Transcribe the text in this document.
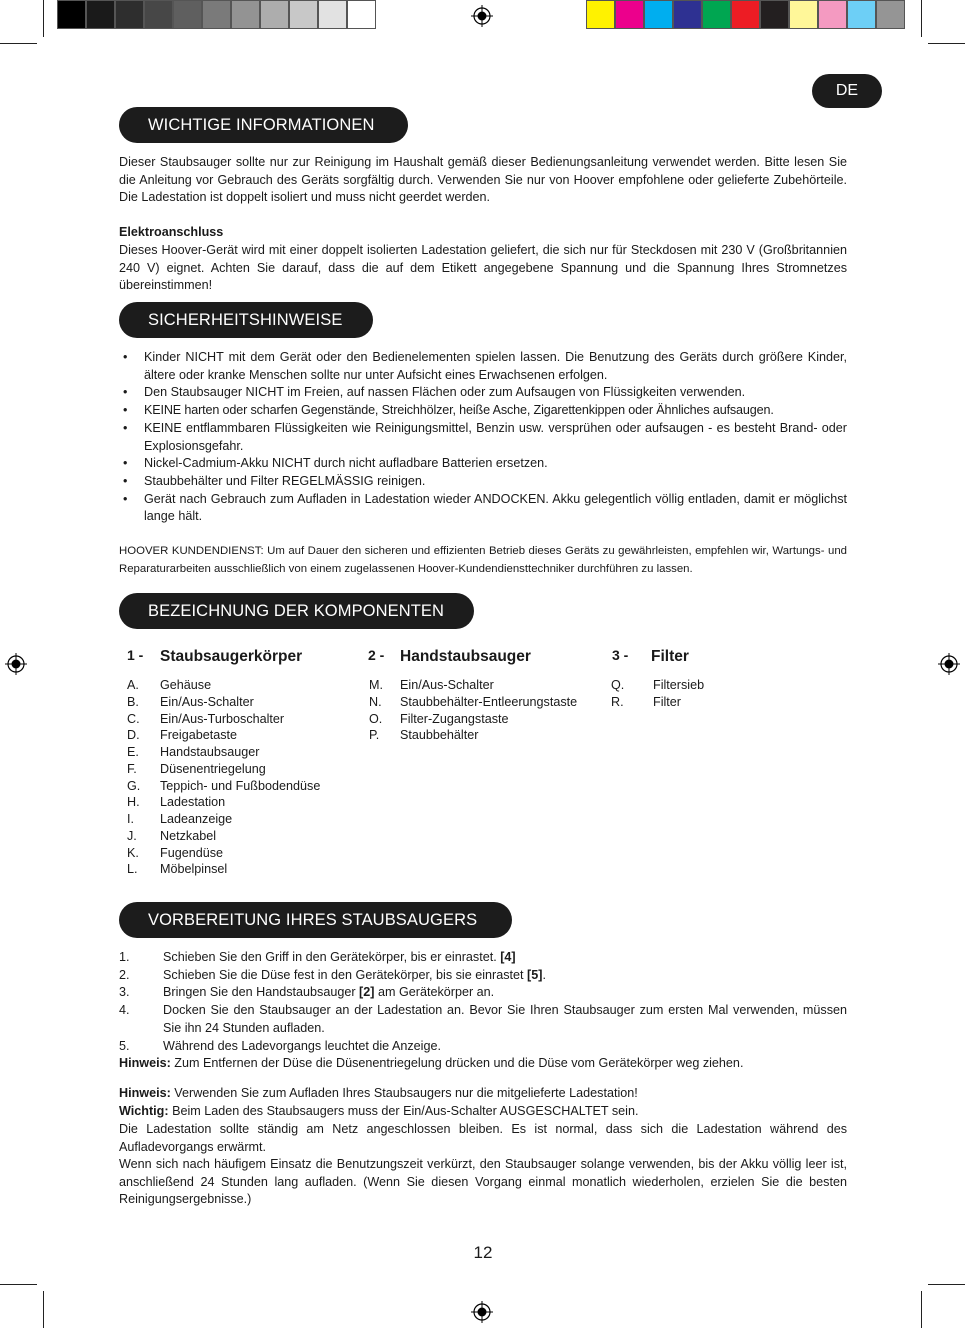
DE
WICHTIGE INFORMATIONEN

Dieser Staubsauger sollte nur zur Reinigung im Haushalt gemäß dieser Bedienungsanleitung verwendet werden. Bitte lesen Sie die Anleitung vor Gebrauch des Geräts sorgfältig durch. Verwenden Sie nur von Hoover empfohlene oder gelieferte Zubehörteile. Die Ladestation ist doppelt isoliert und muss nicht geerdet werden.

Elektroanschluss

Dieses Hoover-Gerät wird mit einer doppelt isolierten Ladestation geliefert, die sich nur für Steckdosen mit 230 V (Großbritannien 240 V) eignet. Achten Sie darauf, dass die auf dem Etikett angegebene Spannung und die Spannung Ihres Stromnetzes übereinstimmen!

SICHERHEITSHINWEISE
• Kinder NICHT mit dem Gerät oder den Bedienelementen spielen lassen. Die Benutzung des Geräts durch größere Kinder, ältere oder kranke Menschen sollte nur unter Aufsicht eines Erwachsenen erfolgen.
• Den Staubsauger NICHT im Freien, auf nassen Flächen oder zum Aufsaugen von Flüssigkeiten verwenden.
• KEINE harten oder scharfen Gegenstände, Streichhölzer, heiße Asche, Zigarettenkippen oder Ähnliches aufsaugen.
• KEINE entflammbaren Flüssigkeiten wie Reinigungsmittel, Benzin usw. versprühen oder aufsaugen - es besteht Brand- oder Explosionsgefahr.
• Nickel-Cadmium-Akku NICHT durch nicht aufladbare Batterien ersetzen.
• Staubbehälter und Filter REGELMÄSSIG reinigen.
• Gerät nach Gebrauch zum Aufladen in Ladestation wieder ANDOCKEN. Akku gelegentlich völlig entladen, damit er möglichst lange hält.

HOOVER KUNDENDIENST: Um auf Dauer den sicheren und effizienten Betrieb dieses Geräts zu gewährleisten, empfehlen wir, Wartungs- und Reparaturarbeiten ausschließlich von einem zugelassenen Hoover-Kundendiensttechniker durchführen zu lassen.

BEZEICHNUNG DER KOMPONENTEN
1 - Staubsaugerkörper
A.	Gehäuse
B.	Ein/Aus-Schalter
C.	Ein/Aus-Turboschalter
D.	Freigabetaste
E.	Handstaubsauger
F.	Düsenentriegelung
G.	Teppich- und Fußbodendüse
H.	Ladestation
I.	Ladeanzeige
J.	Netzkabel
K.	Fugendüse
L.	Möbelpinsel
2 - Handstaubsauger
M.	Ein/Aus-Schalter
N.	Staubbehälter-Entleerungstaste
O.	Filter-Zugangstaste
P.	Staubbehälter
3 - Filter
Q.	Filtersieb
R.	Filter
VORBEREITUNG IHRES STAUBSAUGERS
1.	Schieben Sie den Griff in den Gerätekörper, bis er einrastet. [4]
2.	Schieben Sie die Düse fest in den Gerätekörper, bis sie einrastet [5].
3.	Bringen Sie den Handstaubsauger [2] am Gerätekörper an.
4.	Docken Sie den Staubsauger an der Ladestation an. Bevor Sie Ihren Staubsauger zum ersten Mal verwenden, müssen Sie ihn 24 Stunden aufladen.
5.	Während des Ladevorgangs leuchtet die Anzeige.

Hinweis: Zum Entfernen der Düse die Düsenentriegelung drücken und die Düse vom Gerätekörper weg ziehen.

Hinweis: Verwenden Sie zum Aufladen Ihres Staubsaugers nur die mitgelieferte Ladestation!

Wichtig: Beim Laden des Staubsaugers muss der Ein/Aus-Schalter AUSGESCHALTET sein.

Die Ladestation sollte ständig am Netz angeschlossen bleiben. Es ist normal, dass sich die Ladestation während des Aufladevorgangs erwärmt.

Wenn sich nach häufigem Einsatz die Benutzungszeit verkürzt, den Staubsauger solange verwenden, bis der Akku völlig leer ist, anschließend 24 Stunden lang aufladen. (Wenn Sie diesen Vorgang einmal monatlich wiederholen, erzielen Sie die besten Reinigungsergebnisse.)

12
